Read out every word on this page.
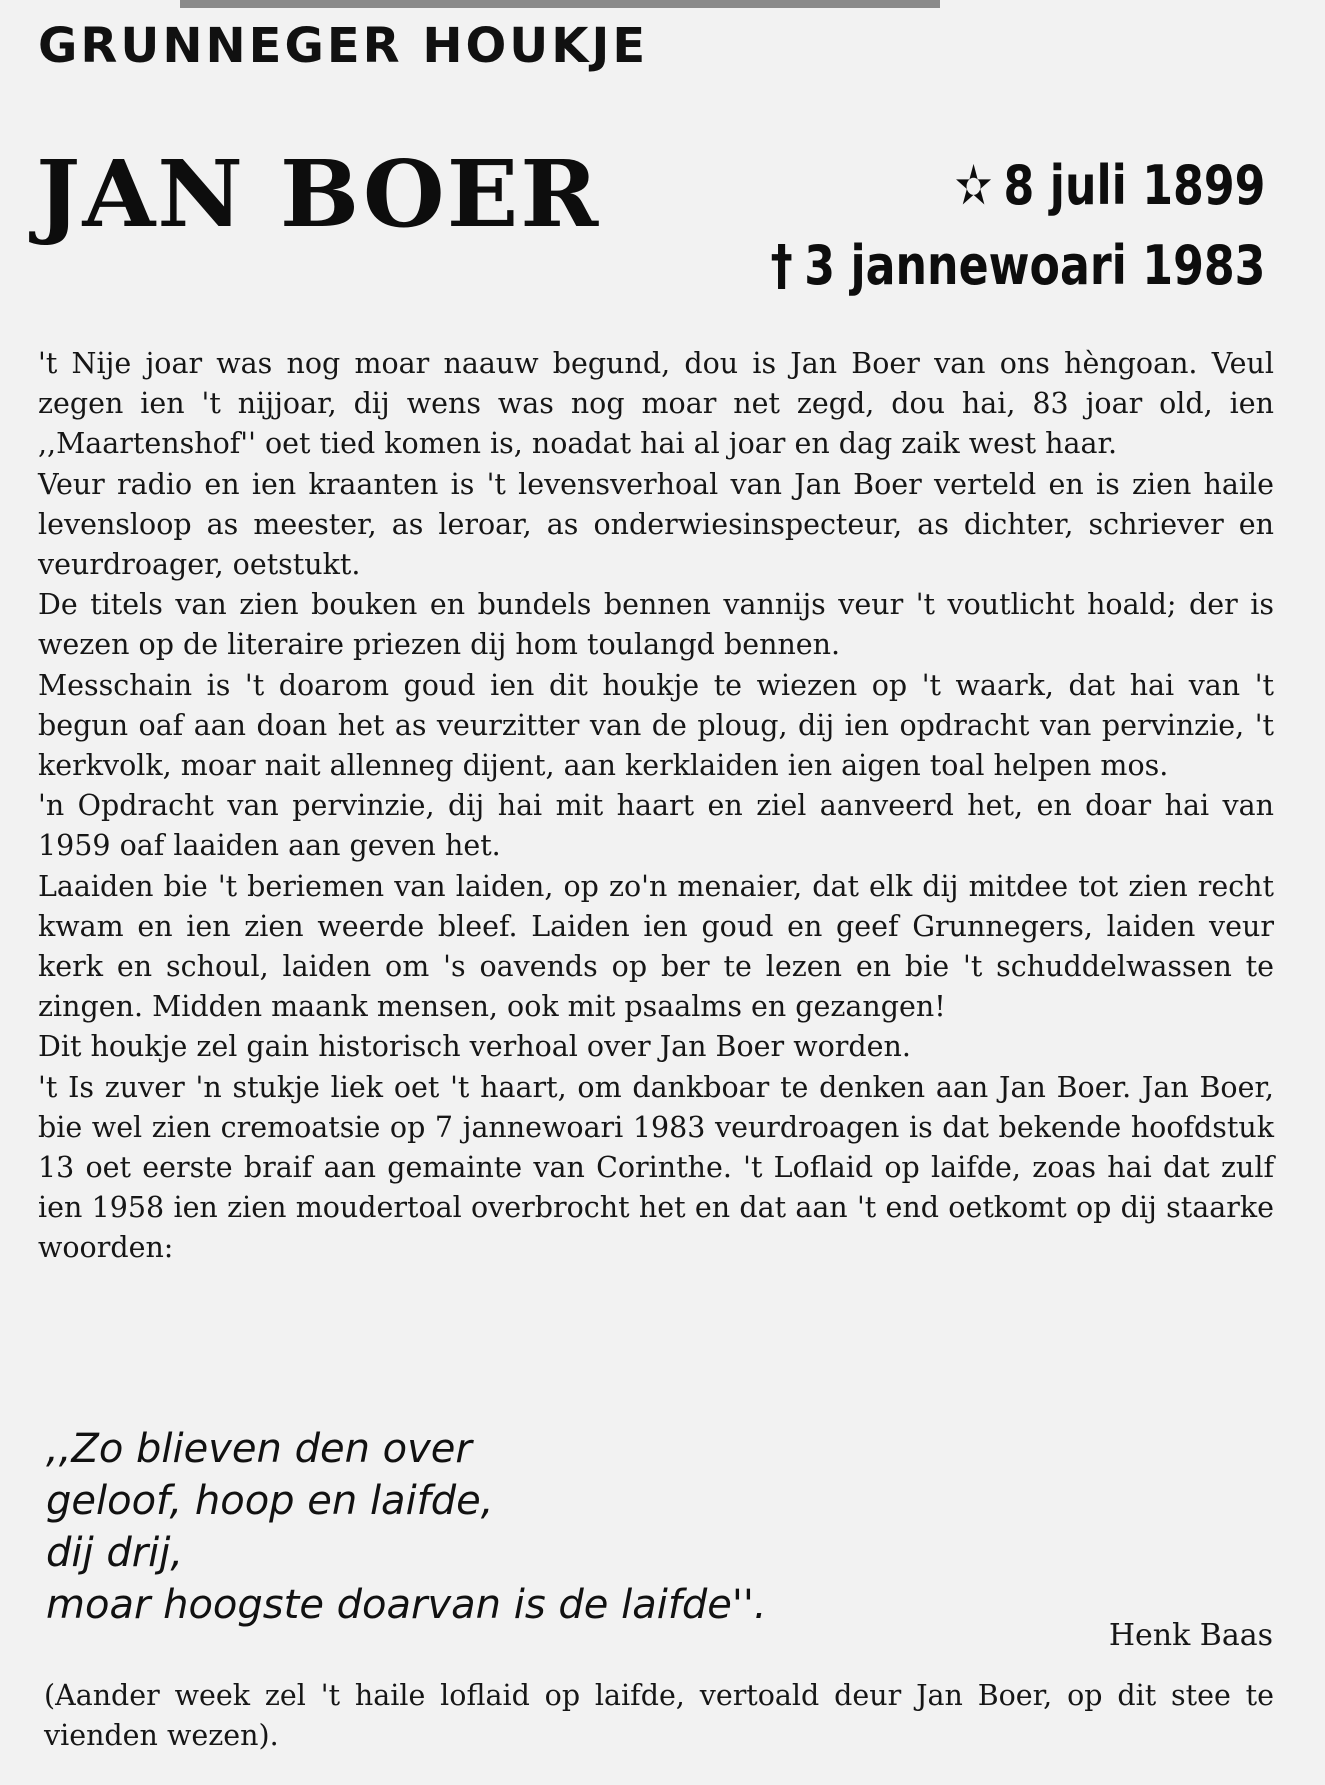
GRUNNEGER HOUKJE
JAN BOER	✫ 8 juli 1899
† 3 jannewoari 1983

't Nije joar was nog moar naauw begund, dou is Jan Boer van ons hèngoan. Veul zegen ien 't nijjoar, dij wens was nog moar net zegd, dou hai, 83 joar old, ien ,,Maartenshof'' oet tied komen is, noadat hai al joar en dag zaik west haar.

Veur radio en ien kraanten is 't levensverhoal van Jan Boer verteld en is zien haile levensloop as meester, as leroar, as onderwiesinspecteur, as dichter, schriever en veurdroager, oetstukt.

De titels van zien bouken en bundels bennen vannijs veur 't voutlicht hoald; der is wezen op de literaire priezen dij hom toulangd bennen.

Messchain is 't doarom goud ien dit houkje te wiezen op 't waark, dat hai van 't begun oaf aan doan het as veurzitter van de ploug, dij ien opdracht van pervinzie, 't kerkvolk, moar nait allenneg dijent, aan kerklaiden ien aigen toal helpen mos.

'n Opdracht van pervinzie, dij hai mit haart en ziel aanveerd het, en doar hai van 1959 oaf laaiden aan geven het.

Laaiden bie 't beriemen van laiden, op zo'n menaier, dat elk dij mitdee tot zien recht kwam en ien zien weerde bleef. Laiden ien goud en geef Grunnegers, laiden veur kerk en schoul, laiden om 's oavends op ber te lezen en bie 't schuddelwassen te zingen. Midden maank mensen, ook mit psaalms en gezangen!

Dit houkje zel gain historisch verhoal over Jan Boer worden.

't Is zuver 'n stukje liek oet 't haart, om dankboar te denken aan Jan Boer. Jan Boer, bie wel zien cremoatsie op 7 jannewoari 1983 veurdroagen is dat bekende hoofdstuk 13 oet eerste braif aan gemainte van Corinthe. 't Loflaid op laifde, zoas hai dat zulf ien 1958 ien zien moudertoal overbrocht het en dat aan 't end oetkomt op dij staarke woorden:

,,Zo blieven den over
geloof, hoop en laifde,
dij drij,
moar hoogste doarvan is de laifde''.
Henk Baas
(Aander week zel 't haile loflaid op laifde, vertoald deur Jan Boer, op dit stee te vienden wezen).
